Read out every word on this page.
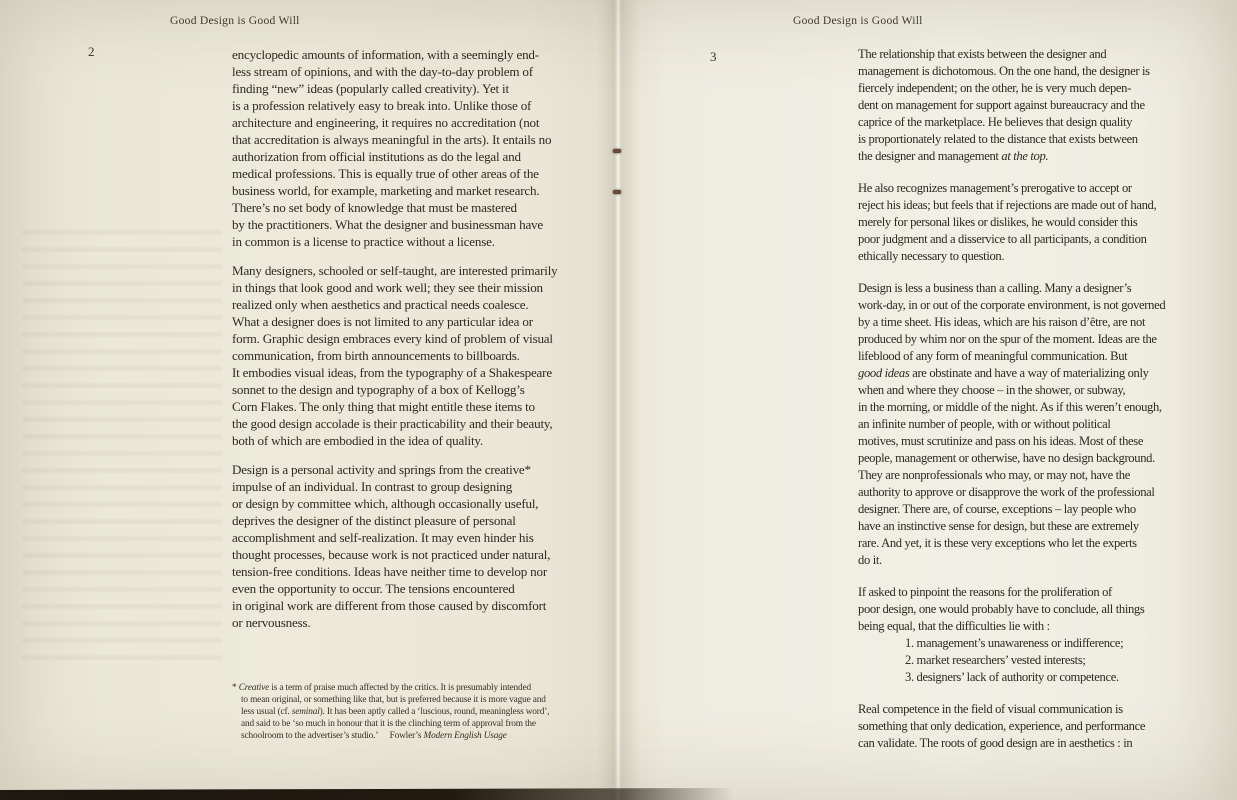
Good Design is Good Will	Good Design is Good Will
2	3
encyclopedic amounts of information, with a seemingly end-
less stream of opinions, and with the day-to-day problem of
finding “new” ideas (popularly called creativity). Yet it
is a profession relatively easy to break into. Unlike those of
architecture and engineering, it requires no accreditation (not
that accreditation is always meaningful in the arts). It entails no
authorization from official institutions as do the legal and
medical professions. This is equally true of other areas of the
business world, for example, marketing and market research.
There’s no set body of knowledge that must be mastered
by the practitioners. What the designer and businessman have
in common is a license to practice without a license.
Many designers, schooled or self-taught, are interested primarily
in things that look good and work well; they see their mission
realized only when aesthetics and practical needs coalesce.
What a designer does is not limited to any particular idea or
form. Graphic design embraces every kind of problem of visual
communication, from birth announcements to billboards.
It embodies visual ideas, from the typography of a Shakespeare
sonnet to the design and typography of a box of Kellogg’s
Corn Flakes. The only thing that might entitle these items to
the good design accolade is their practicability and their beauty,
both of which are embodied in the idea of quality.
Design is a personal activity and springs from the creative*
impulse of an individual. In contrast to group designing
or design by committee which, although occasionally useful,
deprives the designer of the distinct pleasure of personal
accomplishment and self-realization. It may even hinder his
thought processes, because work is not practiced under natural,
tension-free conditions. Ideas have neither time to develop nor
even the opportunity to occur. The tensions encountered
in original work are different from those caused by discomfort
or nervousness.
* Creative is a term of praise much affected by the critics. It is presumably intended
to mean original, or something like that, but is preferred because it is more vague and
less usual (cf. seminal). It has been aptly called a ‘luscious, round, meaningless word’,
and said to be ‘so much in honour that it is the clinching term of approval from the
schoolroom to the advertiser’s studio.’  Fowler’s Modern English Usage
The relationship that exists between the designer and
management is dichotomous. On the one hand, the designer is
fiercely independent; on the other, he is very much depen-
dent on management for support against bureaucracy and the
caprice of the marketplace. He believes that design quality
is proportionately related to the distance that exists between
the designer and management at the top.
He also recognizes management’s prerogative to accept or
reject his ideas; but feels that if rejections are made out of hand,
merely for personal likes or dislikes, he would consider this
poor judgment and a disservice to all participants, a condition
ethically necessary to question.
Design is less a business than a calling. Many a designer’s
work-day, in or out of the corporate environment, is not governed
by a time sheet. His ideas, which are his raison d’être, are not
produced by whim nor on the spur of the moment. Ideas are the
lifeblood of any form of meaningful communication. But
good ideas are obstinate and have a way of materializing only
when and where they choose – in the shower, or subway,
in the morning, or middle of the night. As if this weren’t enough,
an infinite number of people, with or without political
motives, must scrutinize and pass on his ideas. Most of these
people, management or otherwise, have no design background.
They are nonprofessionals who may, or may not, have the
authority to approve or disapprove the work of the professional
designer. There are, of course, exceptions – lay people who
have an instinctive sense for design, but these are extremely
rare. And yet, it is these very exceptions who let the experts
do it.
If asked to pinpoint the reasons for the proliferation of
poor design, one would probably have to conclude, all things
being equal, that the difficulties lie with :
1. management’s unawareness or indifference;
2. market researchers’ vested interests;
3. designers’ lack of authority or competence.
Real competence in the field of visual communication is
something that only dedication, experience, and performance
can validate. The roots of good design are in aesthetics : in
